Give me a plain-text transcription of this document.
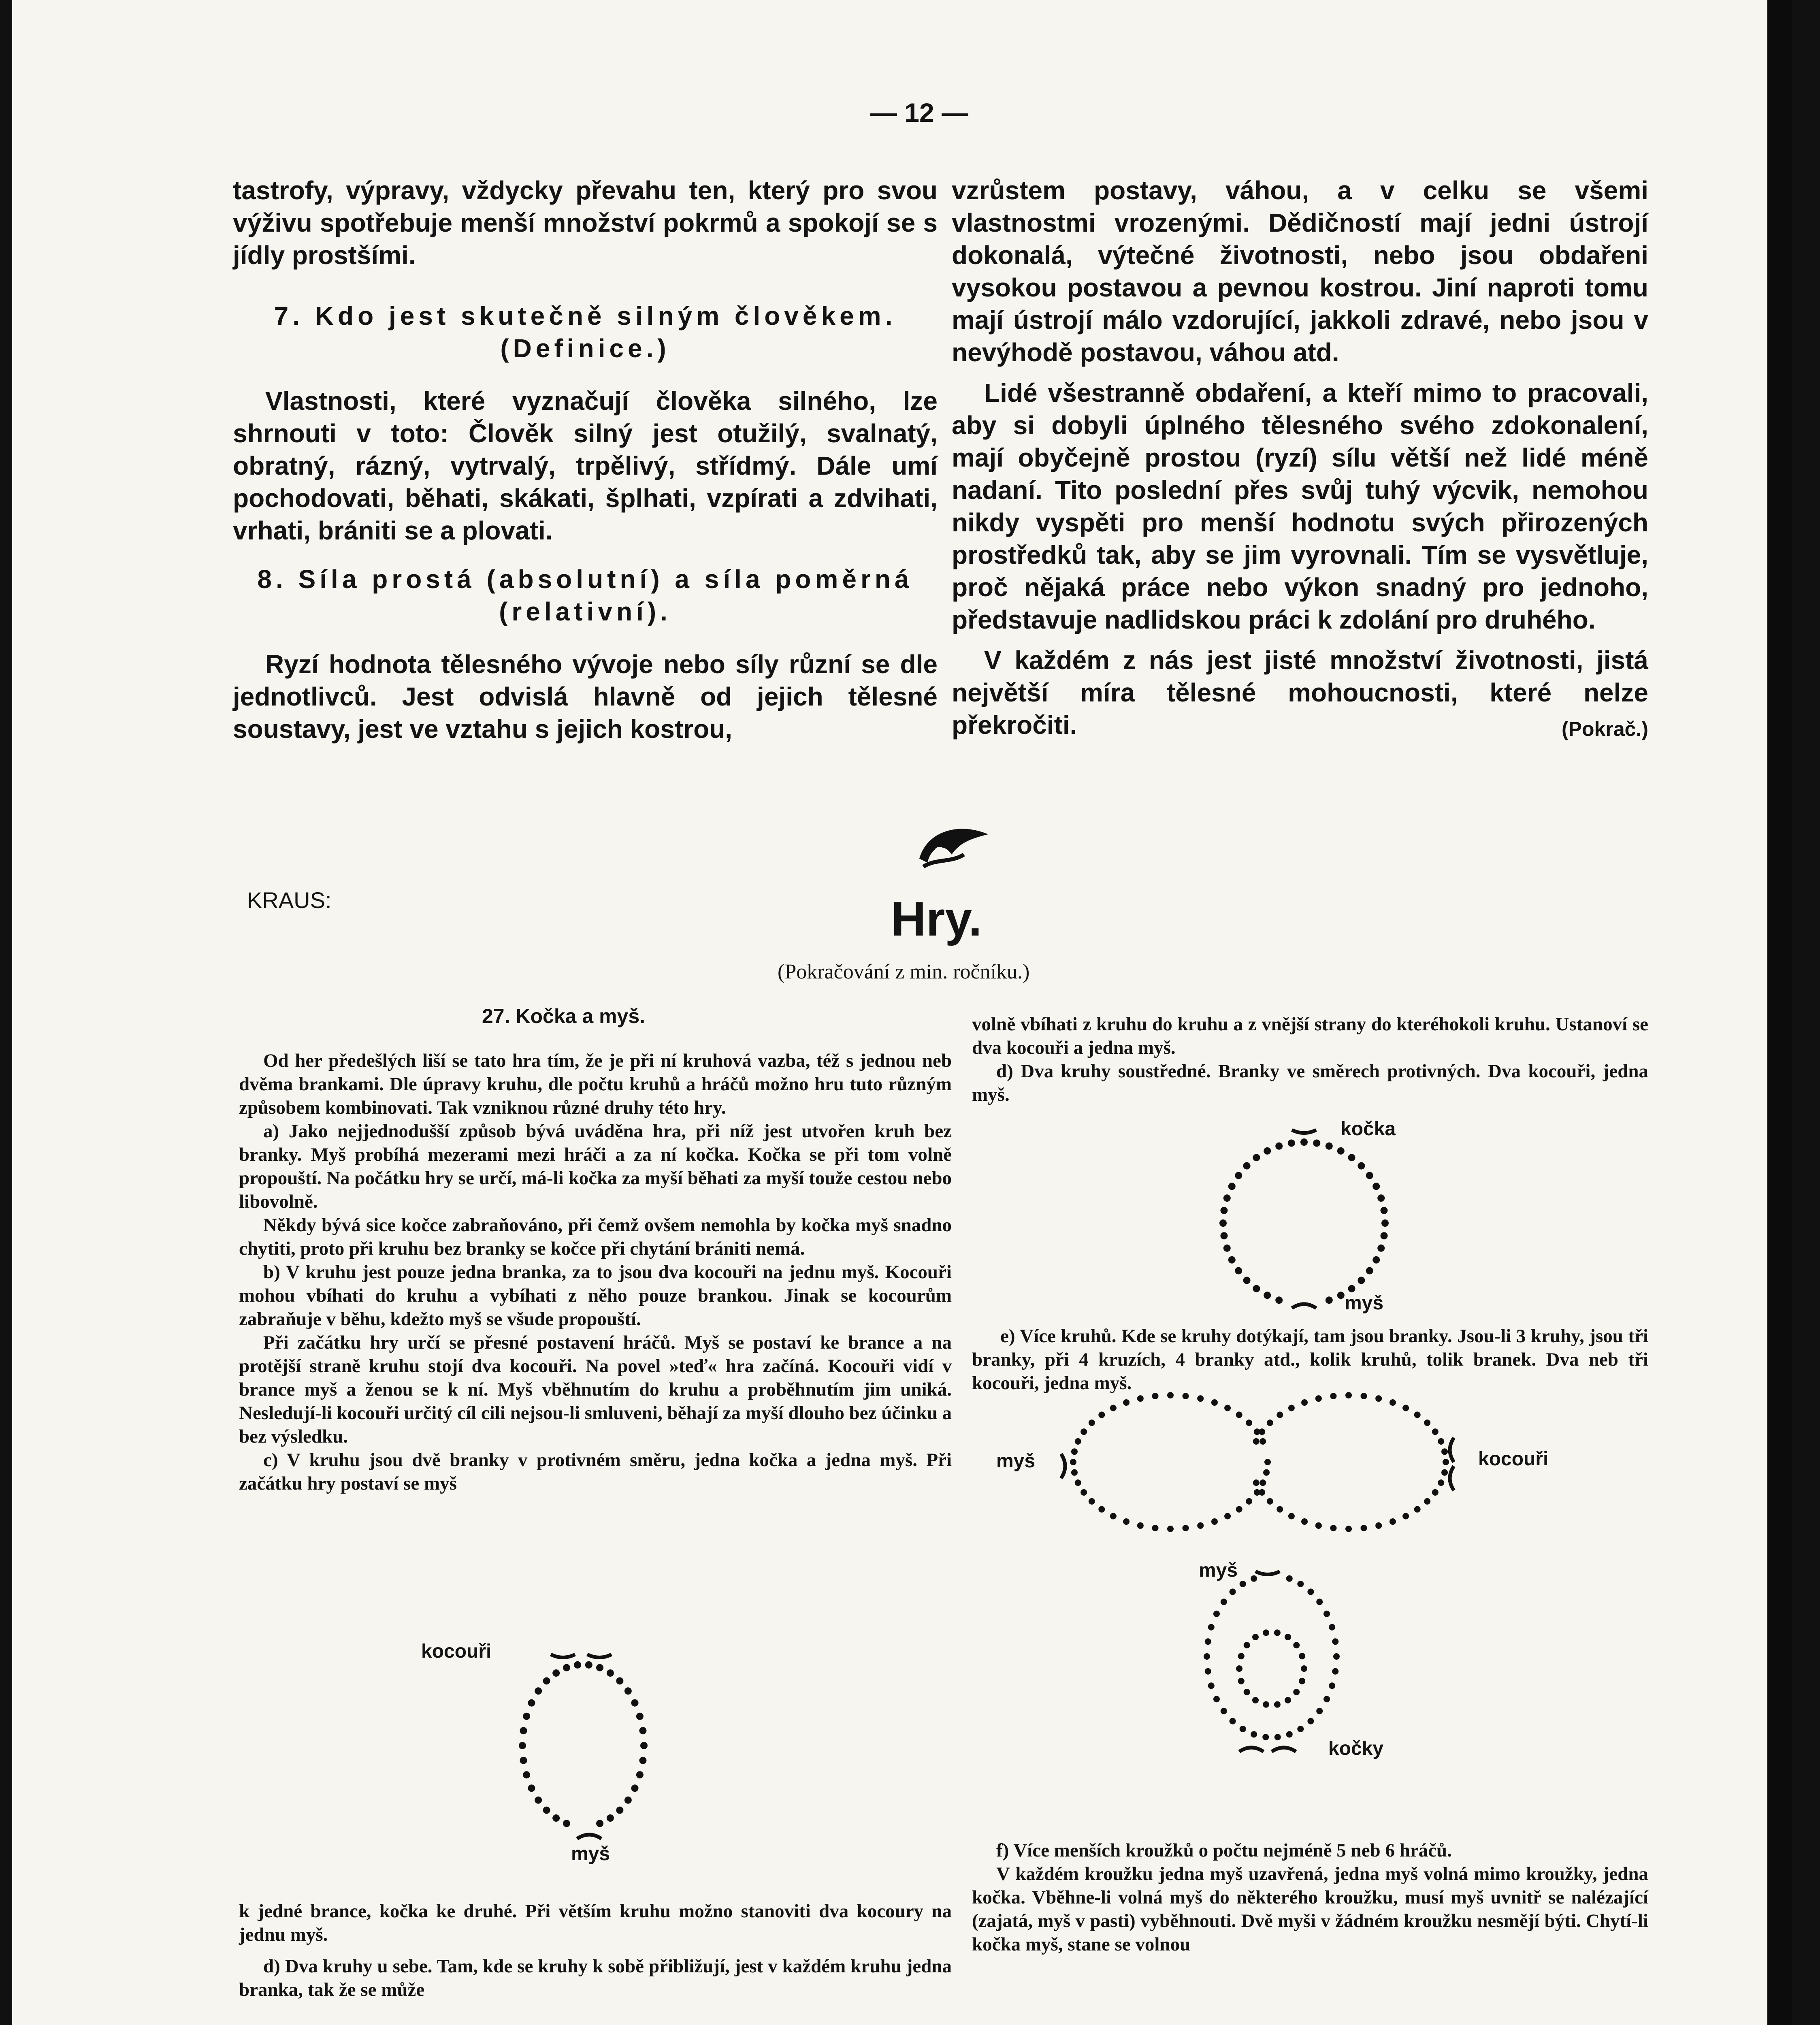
— 12 —

tastrofy, výpravy, vždycky převahu ten, který pro svou výživu spotřebuje menší množství pokrmů a spokojí se s jídly prostšími.

7. Kdo jest skutečně silným člověkem. (Definice.)

Vlastnosti, které vyznačují člověka silného, lze shrnouti v toto: Člověk silný jest otužilý, svalnatý, obratný, rázný, vytrvalý, trpělivý, střídmý. Dále umí pochodovati, běhati, skákati, šplhati, vzpírati a zdvihati, vrhati, brániti se a plovati.

8. Síla prostá (absolutní) a síla poměrná (relativní).

Ryzí hodnota tělesného vývoje nebo síly různí se dle jednotlivců. Jest odvislá hlavně od jejich tělesné soustavy, jest ve vztahu s jejich kostrou,

vzrůstem postavy, váhou, a v celku se všemi vlastnostmi vrozenými. Dědičností mají jedni ústrojí dokonalá, výtečné životnosti, nebo jsou obdařeni vysokou postavou a pevnou kostrou. Jiní naproti tomu mají ústrojí málo vzdorující, jakkoli zdravé, nebo jsou v nevýhodě postavou, váhou atd.

Lidé všestranně obdaření, a kteří mimo to pracovali, aby si dobyli úplného tělesného svého zdokonalení, mají obyčejně prostou (ryzí) sílu větší než lidé méně nadaní. Tito poslední přes svůj tuhý výcvik, nemohou nikdy vyspěti pro menší hodnotu svých přirozených prostředků tak, aby se jim vyrovnali. Tím se vysvětluje, proč nějaká práce nebo výkon snadný pro jednoho, představuje nadlidskou práci k zdolání pro druhého.

V každém z nás jest jisté množství životnosti, jistá největší míra tělesné mohoucnosti, které nelze překročiti.	(Pokrač.)

KRAUS:	Hry.
(Pokračování z min. ročníku.)
27. Kočka a myš.

Od her předešlých liší se tato hra tím, že je při ní kruhová vazba, též s jednou neb dvěma brankami. Dle úpravy kruhu, dle počtu kruhů a hráčů možno hru tuto různým způsobem kombinovati. Tak vzniknou různé druhy této hry.

a) Jako nejjednodušší způsob bývá uváděna hra, při níž jest utvořen kruh bez branky. Myš probíhá mezerami mezi hráči a za ní kočka. Kočka se při tom volně propouští. Na počátku hry se určí, má-li kočka za myší běhati za myší touže cestou nebo libovolně.

Někdy bývá sice kočce zabraňováno, při čemž ovšem nemohla by kočka myš snadno chytiti, proto při kruhu bez branky se kočce při chytání brániti nemá.

b) V kruhu jest pouze jedna branka, za to jsou dva kocouři na jednu myš. Kocouři mohou vbíhati do kruhu a vybíhati z něho pouze brankou. Jinak se kocourům zabraňuje v běhu, kdežto myš se všude propouští.

Při začátku hry určí se přesné postavení hráčů. Myš se postaví ke brance a na protější straně kruhu stojí dva kocouři. Na povel »teď« hra začíná. Kocouři vidí v brance myš a ženou se k ní. Myš vběhnutím do kruhu a proběhnutím jim uniká. Nesledují-li kocouři určitý cíl cili nejsou-li smluveni, běhají za myší dlouho bez účinku a bez výsledku.

c) V kruhu jsou dvě branky v protivném směru, jedna kočka a jedna myš. Při začátku hry postaví se myš

k jedné brance, kočka ke druhé. Při větším kruhu možno stanoviti dva kocoury na jednu myš.

d) Dva kruhy u sebe. Tam, kde se kruhy k sobě přibližují, jest v každém kruhu jedna branka, tak že se může

kocouři
myš

volně vbíhati z kruhu do kruhu a z vnější strany do kteréhokoli kruhu. Ustanoví se dva kocouři a jedna myš.

d) Dva kruhy soustředné. Branky ve směrech protivných. Dva kocouři, jedna myš.

kočka
myš

e) Více kruhů. Kde se kruhy dotýkají, tam jsou branky. Jsou-li 3 kruhy, jsou tři branky, při 4 kruzích, 4 branky atd., kolik kruhů, tolik branek. Dva neb tři kocouři, jedna myš.

myš	kocouři
myš
kočky

f) Více menších kroužků o počtu nejméně 5 neb 6 hráčů.

V každém kroužku jedna myš uzavřená, jedna myš volná mimo kroužky, jedna kočka. Vběhne-li volná myš do některého kroužku, musí myš uvnitř se nalézající (zajatá, myš v pasti) vyběhnouti. Dvě myši v žádném kroužku nesmějí býti. Chytí-li kočka myš, stane se volnou
